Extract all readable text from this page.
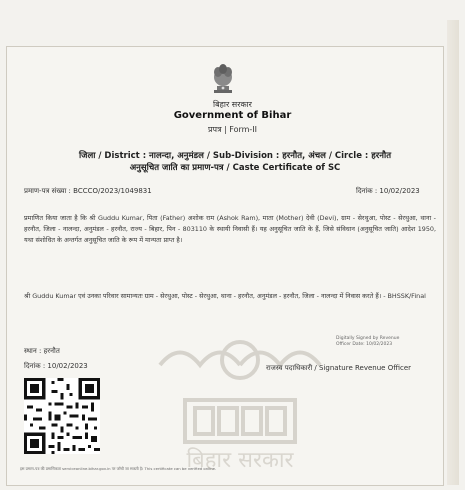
बिहार सरकार
Government of Bihar
प्रपत्र | Form-II
जिला / District : नालन्दा, अनुमंडल / Sub-Division : हरनौत, अंचल / Circle : हरनौत
अनुसूचित जाति का प्रमाण-पत्र / Caste Certificate of SC
प्रमाण-पत्र संख्या : BCCCO/2023/1049831	दिनांक : 10/02/2023
बिहार सरकार
प्रमाणित किया जाता है कि श्री Guddu Kumar, पिता (Father) अशोक राम (Ashok Ram), माता (Mother) देवी (Devi), ग्राम - सेरथुआ, पोस्ट - सेरथुआ, थाना - हरनौत, जिला - नालन्दा, अनुमंडल - हरनौत, राज्य - बिहार, पिन - 803110 के स्थायी निवासी हैं। यह अनुसूचित जाति के हैं, जिसे संविधान (अनुसूचित जाति) आदेश 1950, यथा संशोधित के अन्तर्गत अनुसूचित जाति के रूप में मान्यता प्राप्त है।
श्री Guddu Kumar एवं उनका परिवार सामान्यतः ग्राम - सेरथुआ, पोस्ट - सेरथुआ, थाना - हरनौत, अनुमंडल - हरनौत, जिला - नालन्दा में निवास करते हैं। - BHSSK/Final
Digitally Signed by Revenue Officer Date: 10/02/2023
स्थान : हरनौत
दिनांक : 10/02/2023	राजस्व पदाधिकारी / Signature Revenue Officer
इस प्रमाण-पत्र की प्रमाणिकता serviceonline.bihar.gov.in पर जाँची जा सकती है। This certificate can be verified online.
